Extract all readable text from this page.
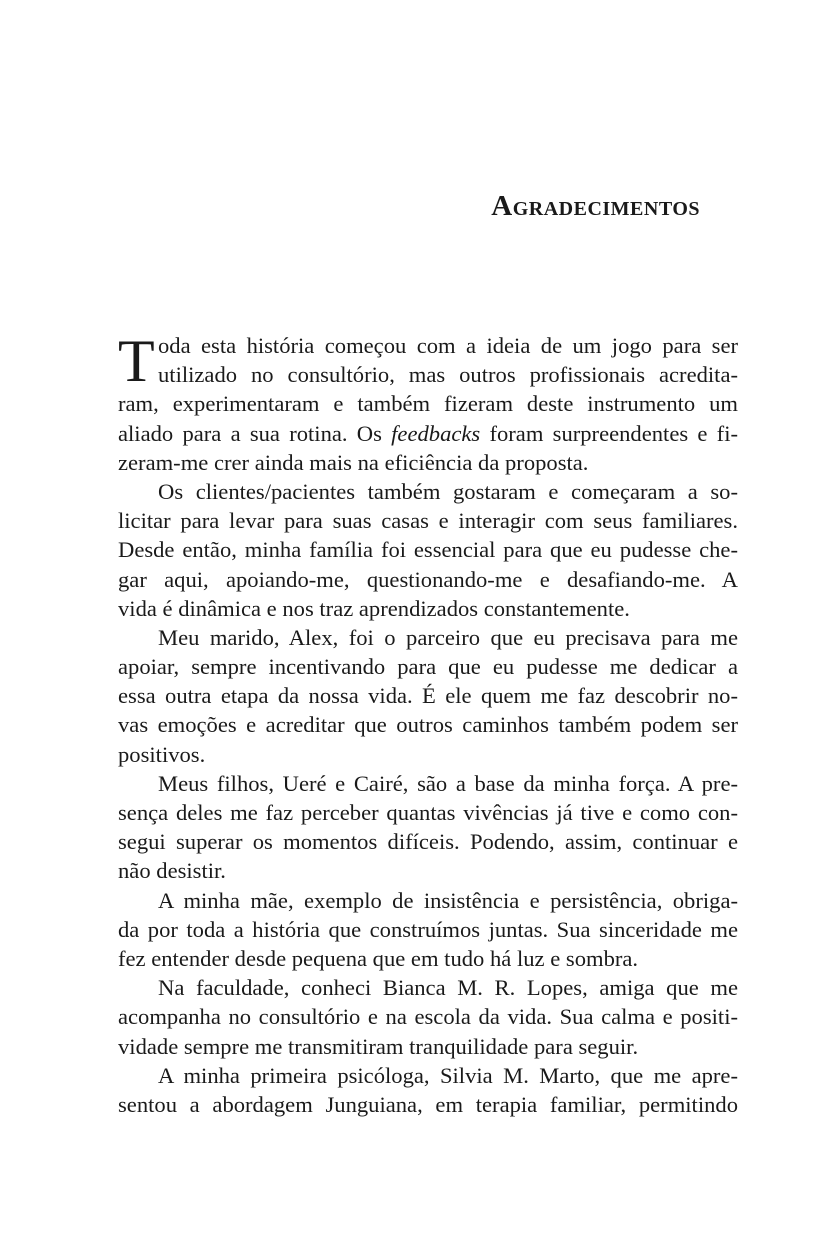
Agradecimentos
T oda esta história começou com a ideia de um jogo para ser
utilizado no consultório, mas outros profissionais acredita-
ram, experimentaram e também fizeram deste instrumento um
aliado para a sua rotina. Os feedbacks foram surpreendentes e fi-
zeram-me crer ainda mais na eficiência da proposta.
Os clientes/pacientes também gostaram e começaram a so-
licitar para levar para suas casas e interagir com seus familiares.
Desde então, minha família foi essencial para que eu pudesse che-
gar aqui, apoiando-me, questionando-me e desafiando-me. A
vida é dinâmica e nos traz aprendizados constantemente.
Meu marido, Alex, foi o parceiro que eu precisava para me
apoiar, sempre incentivando para que eu pudesse me dedicar a
essa outra etapa da nossa vida. É ele quem me faz descobrir no-
vas emoções e acreditar que outros caminhos também podem ser
positivos.
Meus filhos, Ueré e Cairé, são a base da minha força. A pre-
sença deles me faz perceber quantas vivências já tive e como con-
segui superar os momentos difíceis. Podendo, assim, continuar e
não desistir.
A minha mãe, exemplo de insistência e persistência, obriga-
da por toda a história que construímos juntas. Sua sinceridade me
fez entender desde pequena que em tudo há luz e sombra.
Na faculdade, conheci Bianca M. R. Lopes, amiga que me
acompanha no consultório e na escola da vida. Sua calma e positi-
vidade sempre me transmitiram tranquilidade para seguir.
A minha primeira psicóloga, Silvia M. Marto, que me apre-
sentou a abordagem Junguiana, em terapia familiar, permitindo
